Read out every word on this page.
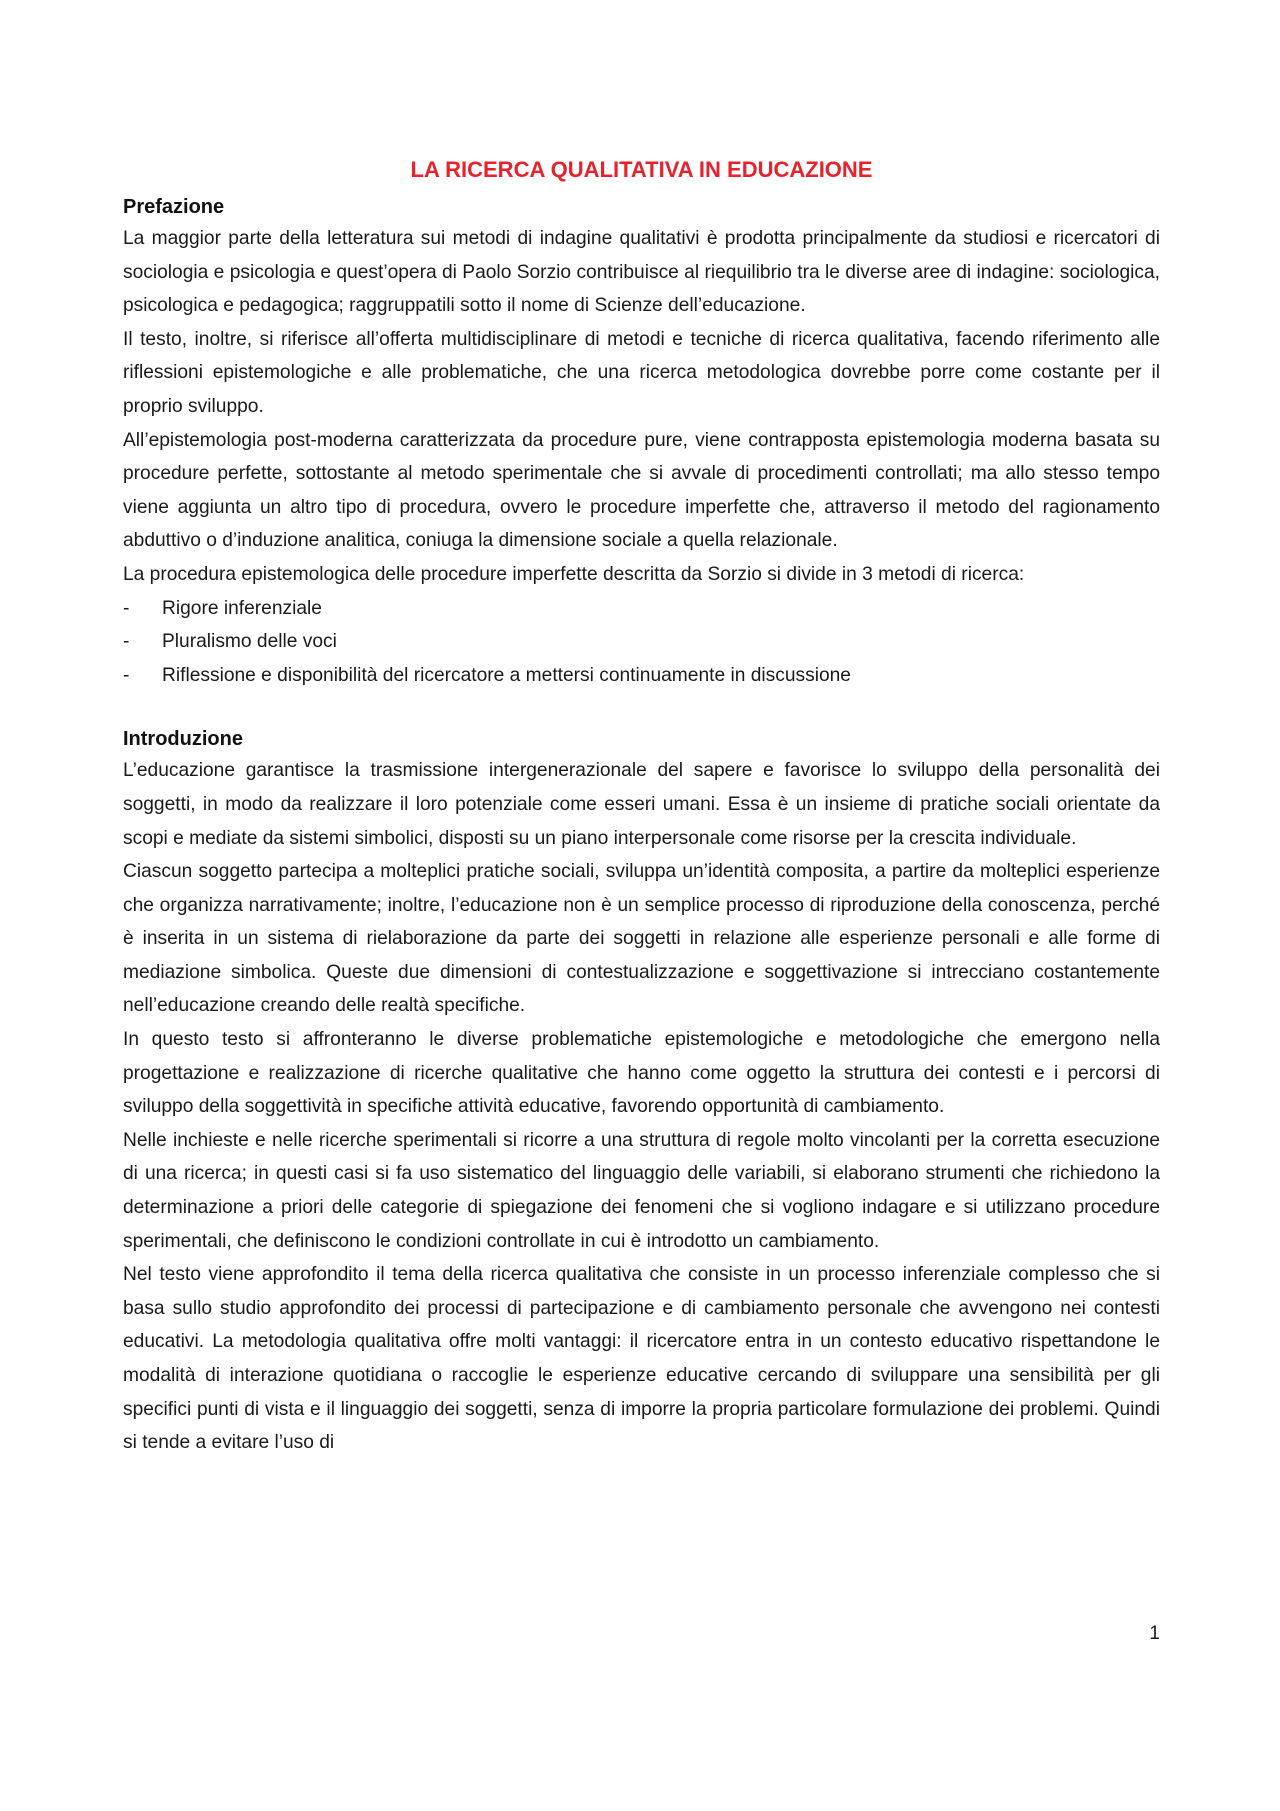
LA RICERCA QUALITATIVA IN EDUCAZIONE
Prefazione

La maggior parte della letteratura sui metodi di indagine qualitativi è prodotta principalmente da studiosi e ricercatori di sociologia e psicologia e quest’opera di Paolo Sorzio contribuisce al riequilibrio tra le diverse aree di indagine: sociologica, psicologica e pedagogica; raggruppatili sotto il nome di Scienze dell’educazione.

Il testo, inoltre, si riferisce all’offerta multidisciplinare di metodi e tecniche di ricerca qualitativa, facendo riferimento alle riflessioni epistemologiche e alle problematiche, che una ricerca metodologica dovrebbe porre come costante per il proprio sviluppo.

All’epistemologia post-moderna caratterizzata da procedure pure, viene contrapposta epistemologia moderna basata su procedure perfette, sottostante al metodo sperimentale che si avvale di procedimenti controllati; ma allo stesso tempo viene aggiunta un altro tipo di procedura, ovvero le procedure imperfette che, attraverso il metodo del ragionamento abduttivo o d’induzione analitica, coniuga la dimensione sociale a quella relazionale.

La procedura epistemologica delle procedure imperfette descritta da Sorzio si divide in 3 metodi di ricerca:

- Rigore inferenziale
- Pluralismo delle voci
- Riflessione e disponibilità del ricercatore a mettersi continuamente in discussione
Introduzione

L’educazione garantisce la trasmissione intergenerazionale del sapere e favorisce lo sviluppo della personalità dei soggetti, in modo da realizzare il loro potenziale come esseri umani. Essa è un insieme di pratiche sociali orientate da scopi e mediate da sistemi simbolici, disposti su un piano interpersonale come risorse per la crescita individuale.

Ciascun soggetto partecipa a molteplici pratiche sociali, sviluppa un’identità composita, a partire da molteplici esperienze che organizza narrativamente; inoltre, l’educazione non è un semplice processo di riproduzione della conoscenza, perché è inserita in un sistema di rielaborazione da parte dei soggetti in relazione alle esperienze personali e alle forme di mediazione simbolica. Queste due dimensioni di contestualizzazione e soggettivazione si intrecciano costantemente nell’educazione creando delle realtà specifiche.

In questo testo si affronteranno le diverse problematiche epistemologiche e metodologiche che emergono nella progettazione e realizzazione di ricerche qualitative che hanno come oggetto la struttura dei contesti e i percorsi di sviluppo della soggettività in specifiche attività educative, favorendo opportunità di cambiamento.

Nelle inchieste e nelle ricerche sperimentali si ricorre a una struttura di regole molto vincolanti per la corretta esecuzione di una ricerca; in questi casi si fa uso sistematico del linguaggio delle variabili, si elaborano strumenti che richiedono la determinazione a priori delle categorie di spiegazione dei fenomeni che si vogliono indagare e si utilizzano procedure sperimentali, che definiscono le condizioni controllate in cui è introdotto un cambiamento.

Nel testo viene approfondito il tema della ricerca qualitativa che consiste in un processo inferenziale complesso che si basa sullo studio approfondito dei processi di partecipazione e di cambiamento personale che avvengono nei contesti educativi. La metodologia qualitativa offre molti vantaggi: il ricercatore entra in un contesto educativo rispettandone le modalità di interazione quotidiana o raccoglie le esperienze educative cercando di sviluppare una sensibilità per gli specifici punti di vista e il linguaggio dei soggetti, senza di imporre la propria particolare formulazione dei problemi. Quindi si tende a evitare l’uso di

1
